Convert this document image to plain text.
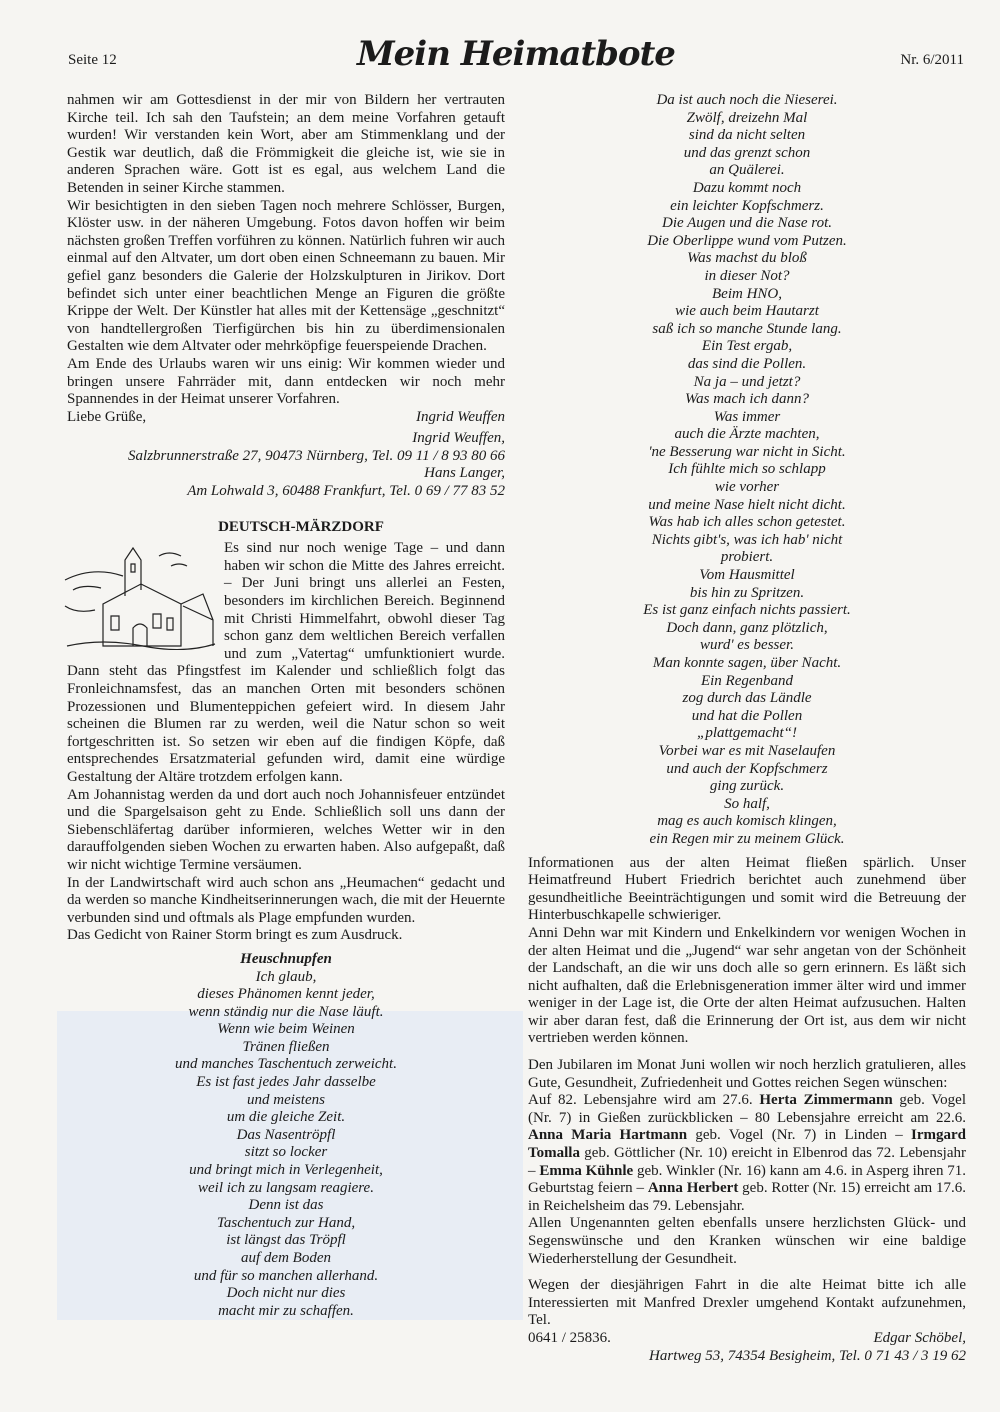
Seite 12	Mein Heimatbote	Nr. 6/2011

nahmen wir am Gottesdienst in der mir von Bildern her vertrauten Kirche teil. Ich sah den Taufstein; an dem meine Vorfahren getauft wurden! Wir verstanden kein Wort, aber am Stimmenklang und der Gestik war deutlich, daß die Frömmigkeit die gleiche ist, wie sie in anderen Sprachen wäre. Gott ist es egal, aus welchem Land die Betenden in seiner Kirche stammen.

Wir besichtigten in den sieben Tagen noch mehrere Schlösser, Burgen, Klöster usw. in der näheren Umgebung. Fotos davon hoffen wir beim nächsten großen Treffen vorführen zu können. Natürlich fuhren wir auch einmal auf den Altvater, um dort oben einen Schneemann zu bauen. Mir gefiel ganz besonders die Galerie der Holzskulpturen in Jirikov. Dort befindet sich unter einer beachtlichen Menge an Figuren die größte Krippe der Welt. Der Künstler hat alles mit der Kettensäge „geschnitzt“ von handtellergroßen Tierfigürchen bis hin zu überdimensionalen Gestalten wie dem Altvater oder mehrköpfige feuerspeiende Drachen.

Am Ende des Urlaubs waren wir uns einig: Wir kommen wieder und bringen unsere Fahrräder mit, dann entdecken wir noch mehr Spannendes in der Heimat unserer Vorfahren.

Liebe Grüße,	Ingrid Weuffen
Ingrid Weuffen,
Salzbrunnerstraße 27, 90473 Nürnberg, Tel. 09 11 / 8 93 80 66
Hans Langer,
Am Lohwald 3, 60488 Frankfurt, Tel. 0 69 / 77 83 52
DEUTSCH-MÄRZDORF

Es sind nur noch wenige Tage – und dann haben wir schon die Mitte des Jahres erreicht. – Der Juni bringt uns allerlei an Festen, besonders im kirchlichen Bereich. Beginnend mit Christi Himmelfahrt, obwohl dieser Tag schon ganz dem weltlichen Bereich verfallen und zum „Vatertag“ umfunktioniert wurde. Dann steht das Pfingstfest im Kalender und schließlich folgt das Fronleichnamsfest, das an manchen Orten mit besonders schönen Prozessionen und Blumenteppichen gefeiert wird. In diesem Jahr scheinen die Blumen rar zu werden, weil die Natur schon so weit fortgeschritten ist. So setzen wir eben auf die findigen Köpfe, daß entsprechendes Ersatzmaterial gefunden wird, damit eine würdige Gestaltung der Altäre trotzdem erfolgen kann.

Am Johannistag werden da und dort auch noch Johannisfeuer entzündet und die Spargelsaison geht zu Ende. Schließlich soll uns dann der Siebenschläfertag darüber informieren, welches Wetter wir in den darauffolgenden sieben Wochen zu erwarten haben. Also aufgepaßt, daß wir nicht wichtige Termine versäumen.

In der Landwirtschaft wird auch schon ans „Heumachen“ gedacht und da werden so manche Kindheitserinnerungen wach, die mit der Heuernte verbunden sind und oftmals als Plage empfunden wurden.

Das Gedicht von Rainer Storm bringt es zum Ausdruck.

Heuschnupfen
Ich glaub,
dieses Phänomen kennt jeder,
wenn ständig nur die Nase läuft.
Wenn wie beim Weinen
Tränen fließen
und manches Taschentuch zerweicht.
Es ist fast jedes Jahr dasselbe
und meistens
um die gleiche Zeit.
Das Nasentröpfl
sitzt so locker
und bringt mich in Verlegenheit,
weil ich zu langsam reagiere.
Denn ist das
Taschentuch zur Hand,
ist längst das Tröpfl
auf dem Boden
und für so manchen allerhand.
Doch nicht nur dies
macht mir zu schaffen.
Da ist auch noch die Nieserei.
Zwölf, dreizehn Mal
sind da nicht selten
und das grenzt schon
an Quälerei.
Dazu kommt noch
ein leichter Kopfschmerz.
Die Augen und die Nase rot.
Die Oberlippe wund vom Putzen.
Was machst du bloß
in dieser Not?
Beim HNO,
wie auch beim Hautarzt
saß ich so manche Stunde lang.
Ein Test ergab,
das sind die Pollen.
Na ja – und jetzt?
Was mach ich dann?
Was immer
auch die Ärzte machten,
'ne Besserung war nicht in Sicht.
Ich fühlte mich so schlapp
wie vorher
und meine Nase hielt nicht dicht.
Was hab ich alles schon getestet.
Nichts gibt's, was ich hab' nicht
probiert.
Vom Hausmittel
bis hin zu Spritzen.
Es ist ganz einfach nichts passiert.
Doch dann, ganz plötzlich,
wurd' es besser.
Man konnte sagen, über Nacht.
Ein Regenband
zog durch das Ländle
und hat die Pollen
„plattgemacht“!
Vorbei war es mit Naselaufen
und auch der Kopfschmerz
ging zurück.
So half,
mag es auch komisch klingen,
ein Regen mir zu meinem Glück.

Informationen aus der alten Heimat fließen spärlich. Unser Heimatfreund Hubert Friedrich berichtet auch zunehmend über gesundheitliche Beeinträchtigungen und somit wird die Betreuung der Hinterbuschkapelle schwieriger.

Anni Dehn war mit Kindern und Enkelkindern vor wenigen Wochen in der alten Heimat und die „Jugend“ war sehr angetan von der Schönheit der Landschaft, an die wir uns doch alle so gern erinnern. Es läßt sich nicht aufhalten, daß die Erlebnisgeneration immer älter wird und immer weniger in der Lage ist, die Orte der alten Heimat aufzusuchen. Halten wir aber daran fest, daß die Erinnerung der Ort ist, aus dem wir nicht vertrieben werden können.

Den Jubilaren im Monat Juni wollen wir noch herzlich gratulieren, alles Gute, Gesundheit, Zufriedenheit und Gottes reichen Segen wünschen:

Auf 82. Lebensjahre wird am 27.6. Herta Zimmermann geb. Vogel (Nr. 7) in Gießen zurückblicken – 80 Lebensjahre erreicht am 22.6. Anna Maria Hartmann geb. Vogel (Nr. 7) in Linden – Irmgard Tomalla geb. Göttlicher (Nr. 10) ereicht in Elbenrod das 72. Lebensjahr – Emma Kühnle geb. Winkler (Nr. 16) kann am 4.6. in Asperg ihren 71. Geburtstag feiern – Anna Herbert geb. Rotter (Nr. 15) erreicht am 17.6. in Reichelsheim das 79. Lebensjahr.

Allen Ungenannten gelten ebenfalls unsere herzlichsten Glück- und Segenswünsche und den Kranken wünschen wir eine baldige Wiederherstellung der Gesundheit.

Wegen der diesjährigen Fahrt in die alte Heimat bitte ich alle Interessierten mit Manfred Drexler umgehend Kontakt aufzunehmen, Tel.

0641 / 25836.	Edgar Schöbel,
Hartweg 53, 74354 Besigheim, Tel. 0 71 43 / 3 19 62
